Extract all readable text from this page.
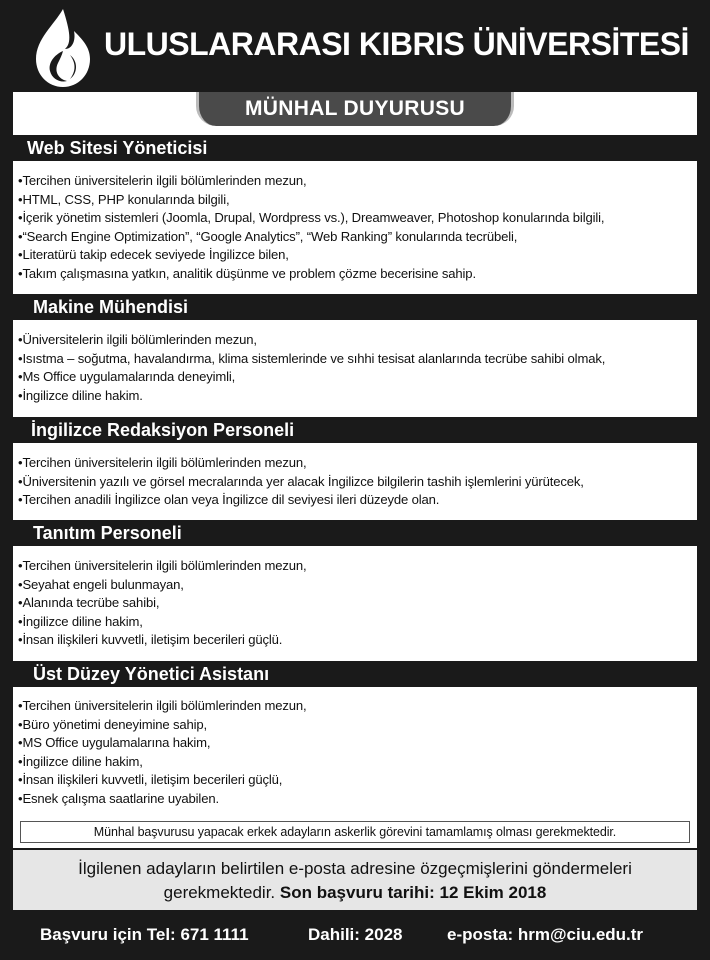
ULUSLARARASI KIBRIS ÜNİVERSİTESİ
MÜNHAL DUYURUSU
Web Sitesi Yöneticisi
• Tercihen üniversitelerin ilgili bölümlerinden mezun,
• HTML, CSS, PHP konularında bilgili,
• İçerik yönetim sistemleri (Joomla, Drupal, Wordpress vs.), Dreamweaver, Photoshop konularında bilgili,
• “Search Engine Optimization”, “Google Analytics”, “Web Ranking” konularında tecrübeli,
• Literatürü takip edecek seviyede İngilizce bilen,
• Takım çalışmasına yatkın, analitik düşünme ve problem çözme becerisine sahip.
Makine Mühendisi
• Üniversitelerin ilgili bölümlerinden mezun,
• Isıstma – soğutma, havalandırma, klima sistemlerinde ve sıhhi tesisat alanlarında tecrübe sahibi olmak,
• Ms Office uygulamalarında deneyimli,
• İngilizce diline hakim.
İngilizce Redaksiyon Personeli
• Tercihen üniversitelerin ilgili bölümlerinden mezun,
• Üniversitenin yazılı ve görsel mecralarında yer alacak İngilizce bilgilerin tashih işlemlerini yürütecek,
• Tercihen anadili İngilizce olan veya İngilizce dil seviyesi ileri düzeyde olan.
Tanıtım Personeli
• Tercihen üniversitelerin ilgili bölümlerinden mezun,
• Seyahat engeli bulunmayan,
• Alanında tecrübe sahibi,
• İngilizce diline hakim,
• İnsan ilişkileri kuvvetli, iletişim becerileri güçlü.
Üst Düzey Yönetici Asistanı
• Tercihen üniversitelerin ilgili bölümlerinden mezun,
• Büro yönetimi deneyimine sahip,
• MS Office uygulamalarına hakim,
• İngilizce diline hakim,
• İnsan ilişkileri kuvvetli, iletişim becerileri güçlü,
• Esnek çalışma saatlarine uyabilen.
Münhal başvurusu yapacak erkek adayların askerlik görevini tamamlamış olması gerekmektedir.
İlgilenen adayların belirtilen e-posta adresine özgeçmişlerini göndermeleri
gerekmektedir. Son başvuru tarihi: 12 Ekim 2018
Başvuru için Tel: 671 1111	Dahili: 2028	e-posta: hrm@ciu.edu.tr
